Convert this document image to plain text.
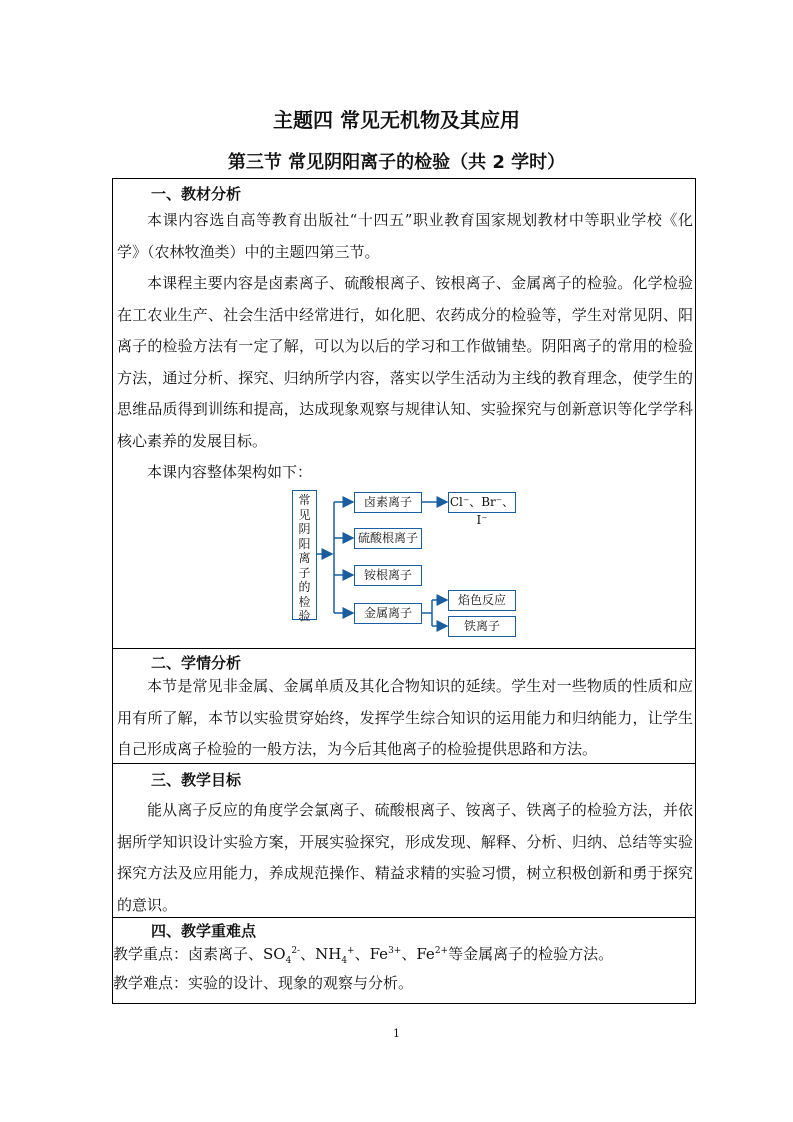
主题四 常见无机物及其应用
第三节 常见阴阳离子的检验（共 2 学时）
一、教材分析
本课内容选自高等教育出版社“十四五”职业教育国家规划教材中等职业学校《化学》（农林牧渔类）中的主题四第三节。
本课程主要内容是卤素离子、硫酸根离子、铵根离子、金属离子的检验。化学检验在工农业生产、社会生活中经常进行，如化肥、农药成分的检验等，学生对常见阴、阳离子的检验方法有一定了解，可以为以后的学习和工作做铺垫。阴阳离子的常用的检验方法，通过分析、探究、归纳所学内容，落实以学生活动为主线的教育理念，使学生的思维品质得到训练和提高，达成现象观察与规律认知、实验探究与创新意识等化学学科核心素养的发展目标。
本课内容整体架构如下：
二、学情分析
本节是常见非金属、金属单质及其化合物知识的延续。学生对一些物质的性质和应用有所了解，本节以实验贯穿始终，发挥学生综合知识的运用能力和归纳能力，让学生自己形成离子检验的一般方法，为今后其他离子的检验提供思路和方法。
三、教学目标
能从离子反应的角度学会氯离子、硫酸根离子、铵离子、铁离子的检验方法，并依据所学知识设计实验方案，开展实验探究，形成发现、解释、分析、归纳、总结等实验探究方法及应用能力，养成规范操作、精益求精的实验习惯，树立积极创新和勇于探究的意识。
四、教学重难点
教学重点：卤素离子、$SO_4^{2-}$、$NH_4^+$、$Fe^{3+}$、$Fe^{2+}$等金属离子的检验方法。
教学难点：实验的设计、现象的观察与分析。
常见阴阳离子的检验
卤素离子	Cl⁻、Br⁻、I⁻
硫酸根离子
铵根离子
金属离子
焰色反应
铁离子
1
